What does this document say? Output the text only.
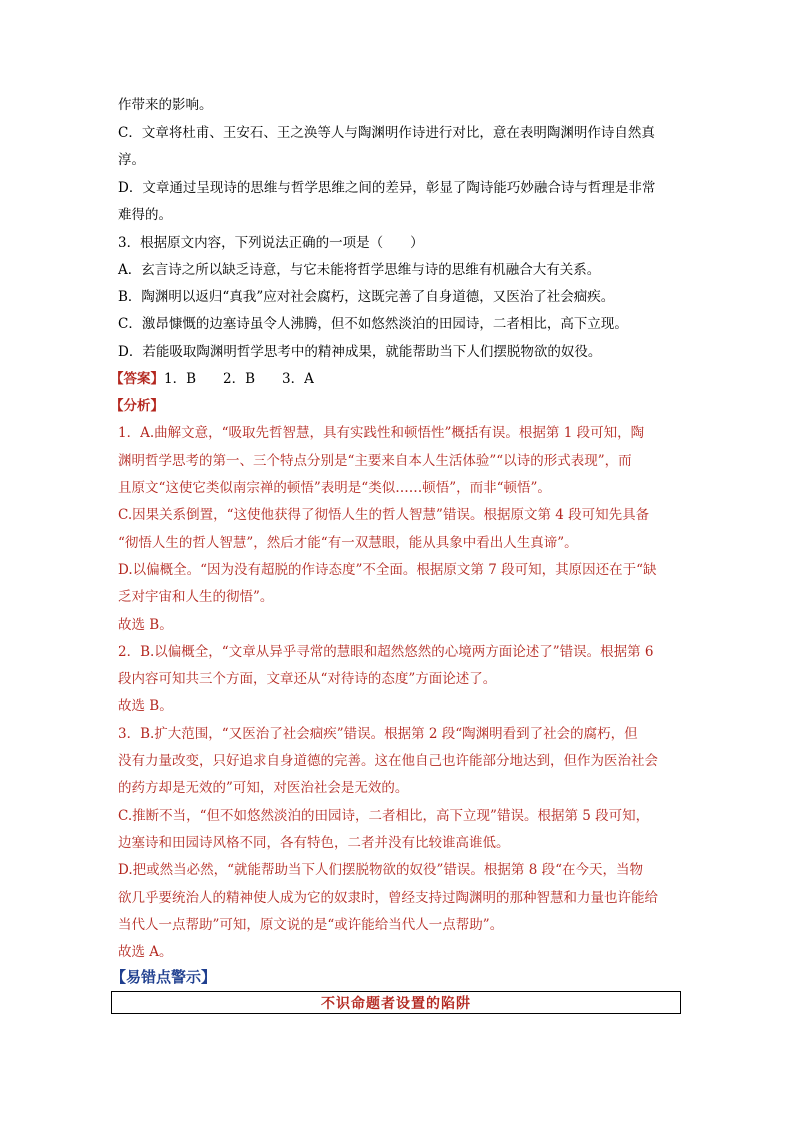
作带来的影响。
C．文章将杜甫、王安石、王之涣等人与陶渊明作诗进行对比，意在表明陶渊明作诗自然真
淳。
D．文章通过呈现诗的思维与哲学思维之间的差异，彰显了陶诗能巧妙融合诗与哲理是非常
难得的。
3．根据原文内容，下列说法正确的一项是（　　）
A．玄言诗之所以缺乏诗意，与它未能将哲学思维与诗的思维有机融合大有关系。
B．陶渊明以返归“真我”应对社会腐朽，这既完善了自身道德，又医治了社会痼疾。
C．激昂慷慨的边塞诗虽令人沸腾，但不如悠然淡泊的田园诗，二者相比，高下立现。
D．若能吸取陶渊明哲学思考中的精神成果，就能帮助当下人们摆脱物欲的奴役。
【答案】1．B　　2．B　　3．A
【分析】
1．A.曲解文意，“吸取先哲智慧，具有实践性和顿悟性”概括有误。根据第 1 段可知，陶
渊明哲学思考的第一、三个特点分别是“主要来自本人生活体验”“以诗的形式表现”，而
且原文“这使它类似南宗禅的顿悟”表明是“类似……顿悟”，而非“顿悟”。
C.因果关系倒置，“这使他获得了彻悟人生的哲人智慧”错误。根据原文第 4 段可知先具备
“彻悟人生的哲人智慧”，然后才能“有一双慧眼，能从具象中看出人生真谛”。
D.以偏概全。“因为没有超脱的作诗态度”不全面。根据原文第 7 段可知，其原因还在于“缺
乏对宇宙和人生的彻悟”。
故选 B。
2．B.以偏概全，“文章从异乎寻常的慧眼和超然悠然的心境两方面论述了”错误。根据第 6
段内容可知共三个方面，文章还从“对待诗的态度”方面论述了。
故选 B。
3．B.扩大范围，“又医治了社会痼疾”错误。根据第 2 段“陶渊明看到了社会的腐朽，但
没有力量改变，只好追求自身道德的完善。这在他自己也许能部分地达到，但作为医治社会
的药方却是无效的”可知，对医治社会是无效的。
C.推断不当，“但不如悠然淡泊的田园诗，二者相比，高下立现”错误。根据第 5 段可知，
边塞诗和田园诗风格不同，各有特色，二者并没有比较谁高谁低。
D.把或然当必然，“就能帮助当下人们摆脱物欲的奴役”错误。根据第 8 段“在今天，当物
欲几乎要统治人的精神使人成为它的奴隶时，曾经支持过陶渊明的那种智慧和力量也许能给
当代人一点帮助”可知，原文说的是“或许能给当代人一点帮助”。
故选 A。
【易错点警示】
不识命题者设置的陷阱
